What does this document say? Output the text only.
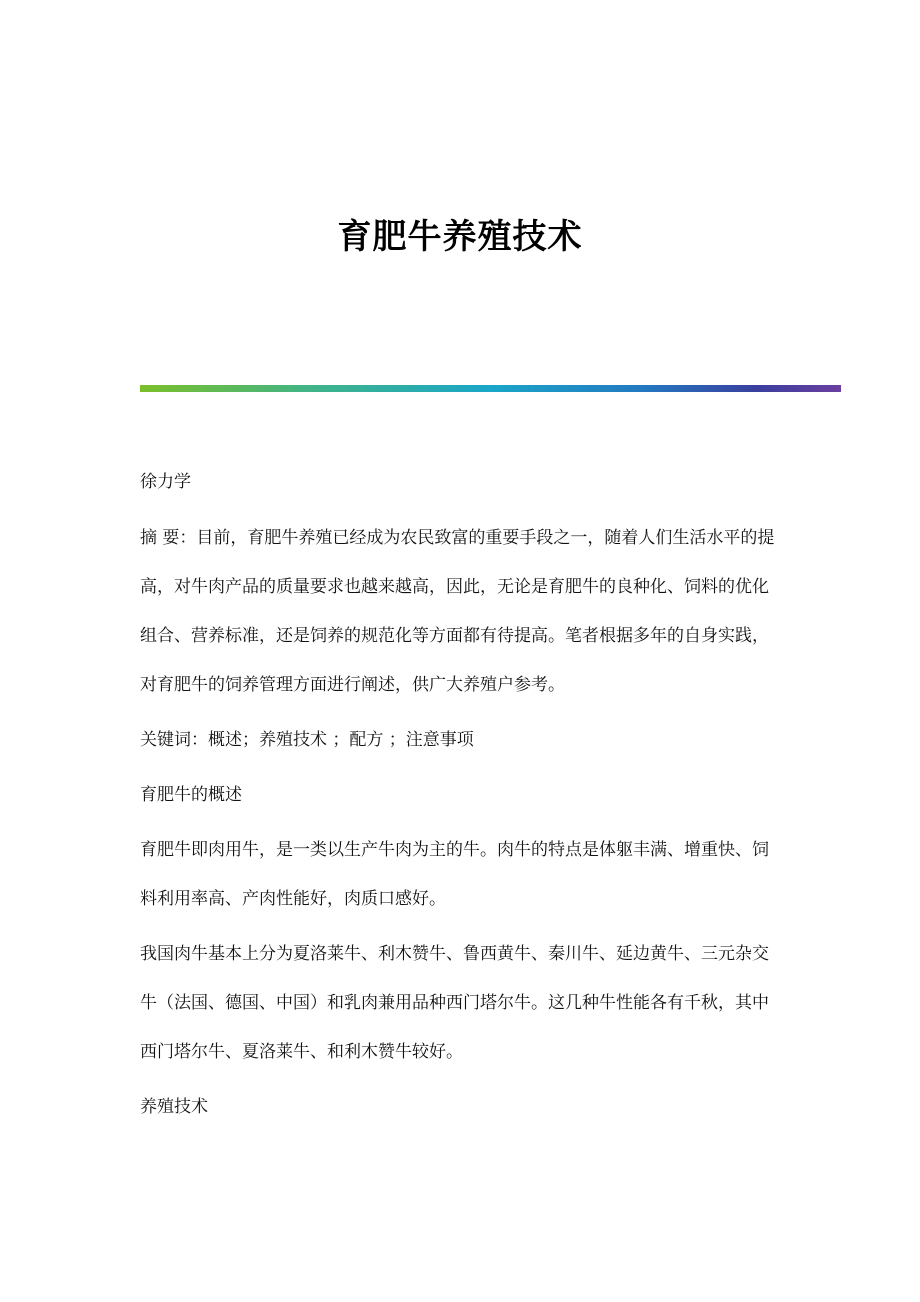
育肥牛养殖技术

徐力学

摘 要：目前，育肥牛养殖已经成为农民致富的重要手段之一，随着人们生活水平的提高，对牛肉产品的质量要求也越来越高，因此，无论是育肥牛的良种化、饲料的优化组合、营养标准，还是饲养的规范化等方面都有待提高。笔者根据多年的自身实践，对育肥牛的饲养管理方面进行阐述，供广大养殖户参考。

关键词：概述；养殖技术 ；配方 ；注意事项

育肥牛的概述

育肥牛即肉用牛，是一类以生产牛肉为主的牛。肉牛的特点是体躯丰满、增重快、饲料利用率高、产肉性能好，肉质口感好。

我国肉牛基本上分为夏洛莱牛、利木赞牛、鲁西黄牛、秦川牛、延边黄牛、三元杂交牛（法国、德国、中国）和乳肉兼用品种西门塔尔牛。这几种牛性能各有千秋，其中西门塔尔牛、夏洛莱牛、和利木赞牛较好。

养殖技术
